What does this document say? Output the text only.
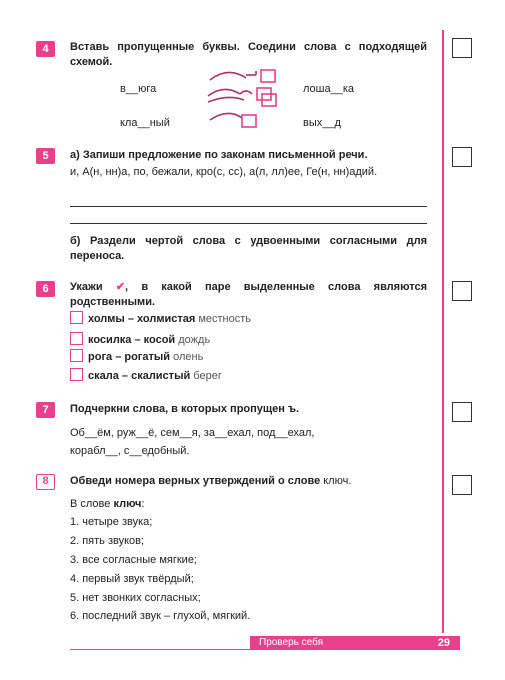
4	Вставь пропущенные буквы. Соедини слова с подходящей схемой.
в__юга
кла__ный
лоша__ка
вых__д
5	а) Запиши предложение по законам письменной речи.
и, А(н, нн)а, по, бежали, кро(с, сс), а(л, лл)ее, Ге(н, нн)адий.
б) Раздели чертой слова с удвоенными согласными для переноса.
6	Укажи ✔, в какой паре выделенные слова являются родственными.
холмы – холмистая местность
косилка – косой дождь
рога – рогатый олень
скала – скалистый берег
7	Подчеркни слова, в которых пропущен ъ.
Об__ём, руж__ё, сем__я, за__ехал, под__ехал,
корабл__, с__едобный.
8	Обведи номера верных утверждений о слове ключ.
В слове ключ:
1. четыре звука;
2. пять звуков;
3. все согласные мягкие;
4. первый звук твёрдый;
5. нет звонких согласных;
6. последний звук – глухой, мягкий.
Проверь себя	29
